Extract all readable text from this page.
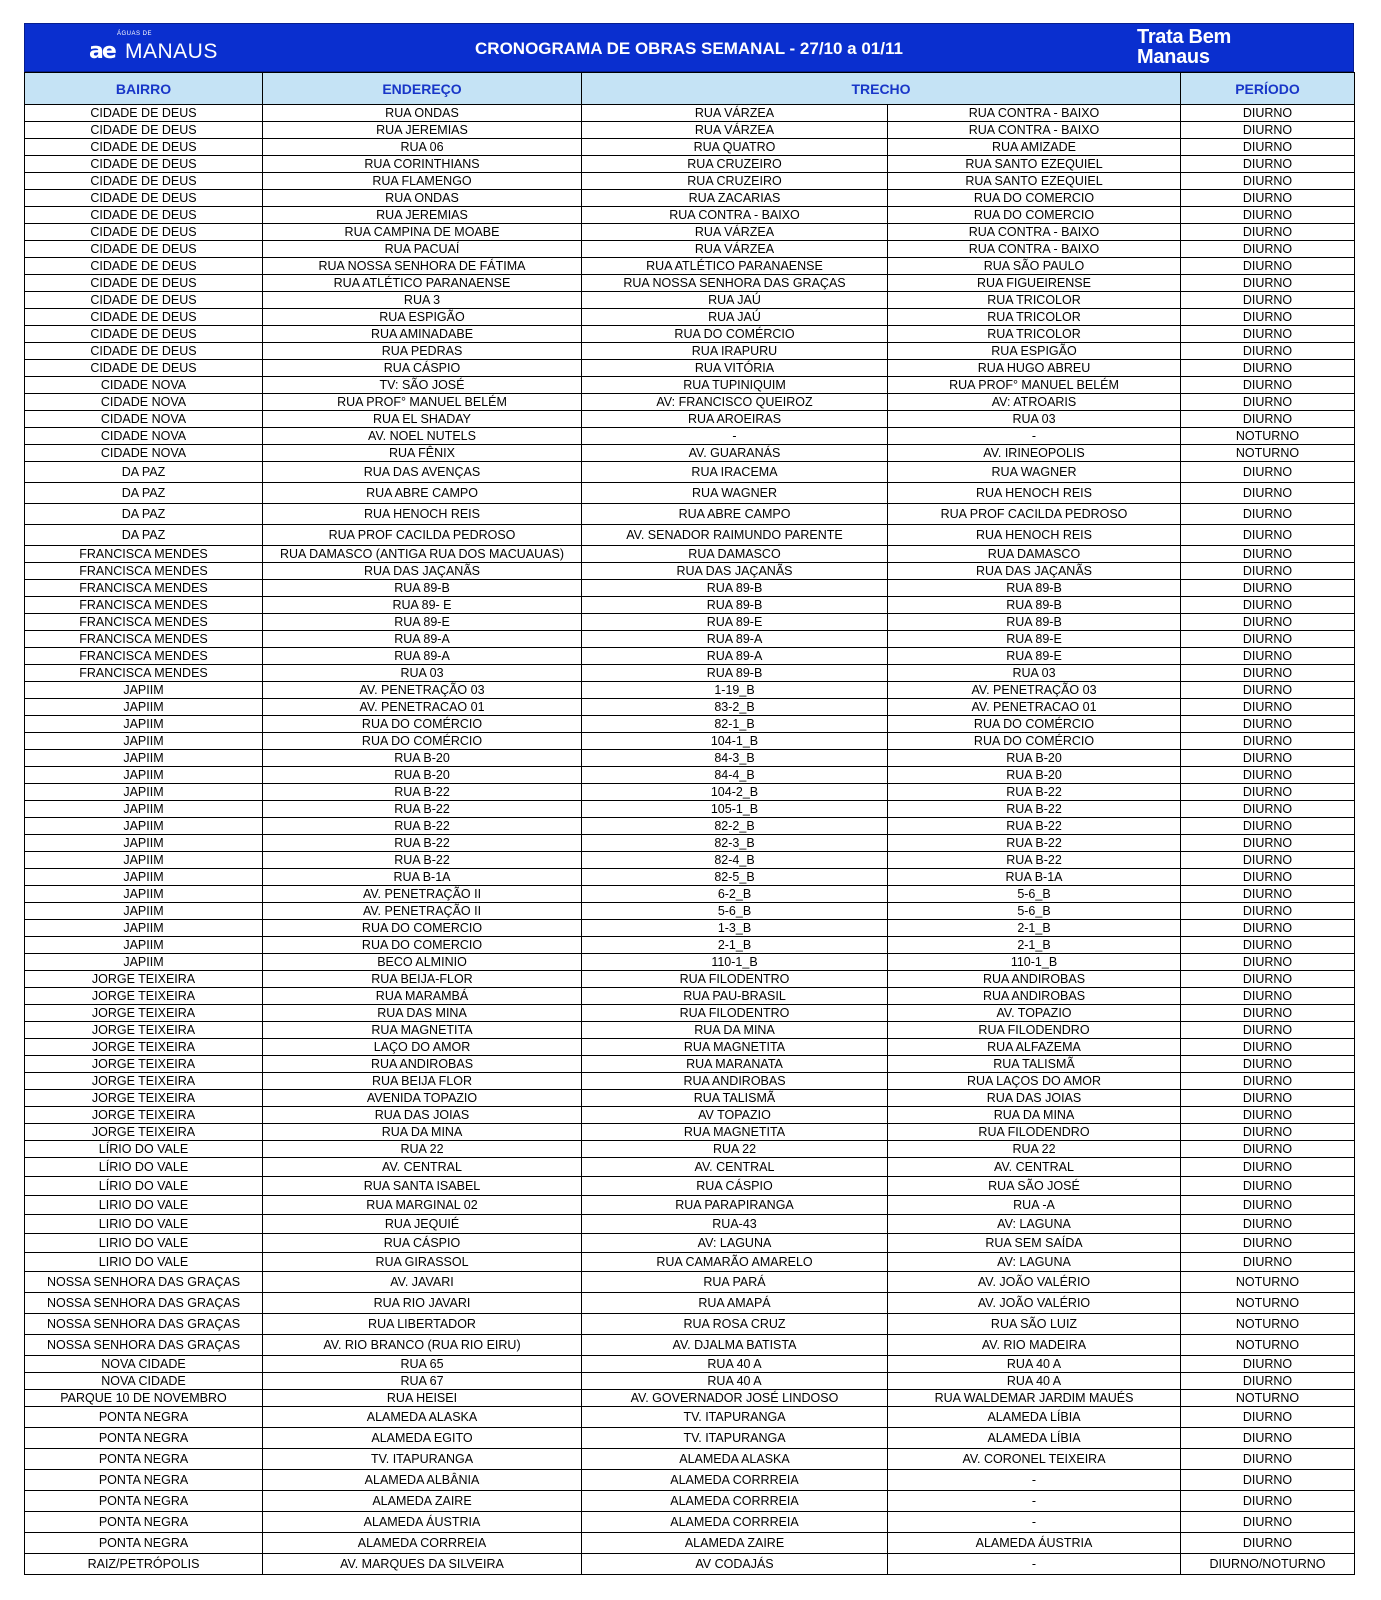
ÁGUAS DE
ae MANAUS	CRONOGRAMA DE OBRAS SEMANAL - 27/10 a 01/11
Trata Bem
Manaus
BAIRRO	ENDEREÇO	TRECHO		PERÍODO
CIDADE DE DEUS	RUA ONDAS	RUA VÁRZEA	RUA CONTRA - BAIXO	DIURNO
CIDADE DE DEUS	RUA JEREMIAS	RUA VÁRZEA	RUA CONTRA - BAIXO	DIURNO
CIDADE DE DEUS	RUA 06	RUA QUATRO	RUA AMIZADE	DIURNO
CIDADE DE DEUS	RUA CORINTHIANS	RUA CRUZEIRO	RUA SANTO EZEQUIEL	DIURNO
CIDADE DE DEUS	RUA FLAMENGO	RUA CRUZEIRO	RUA SANTO EZEQUIEL	DIURNO
CIDADE DE DEUS	RUA ONDAS	RUA ZACARIAS	RUA DO COMERCIO	DIURNO
CIDADE DE DEUS	RUA JEREMIAS	RUA CONTRA - BAIXO	RUA DO COMERCIO	DIURNO
CIDADE DE DEUS	RUA CAMPINA DE MOABE	RUA VÁRZEA	RUA CONTRA - BAIXO	DIURNO
CIDADE DE DEUS	RUA PACUAÍ	RUA VÁRZEA	RUA CONTRA - BAIXO	DIURNO
CIDADE DE DEUS	RUA NOSSA SENHORA DE FÁTIMA	RUA ATLÉTICO PARANAENSE	RUA SÃO PAULO	DIURNO
CIDADE DE DEUS	RUA ATLÉTICO PARANAENSE	RUA NOSSA SENHORA DAS GRAÇAS	RUA FIGUEIRENSE	DIURNO
CIDADE DE DEUS	RUA 3	RUA JAÚ	RUA TRICOLOR	DIURNO
CIDADE DE DEUS	RUA ESPIGÃO	RUA JAÚ	RUA TRICOLOR	DIURNO
CIDADE DE DEUS	RUA AMINADABE	RUA DO COMÉRCIO	RUA TRICOLOR	DIURNO
CIDADE DE DEUS	RUA PEDRAS	RUA IRAPURU	RUA ESPIGÃO	DIURNO
CIDADE DE DEUS	RUA CÁSPIO	RUA VITÓRIA	RUA HUGO ABREU	DIURNO
CIDADE NOVA	TV: SÃO JOSÉ	RUA TUPINIQUIM	RUA PROF° MANUEL BELÉM	DIURNO
CIDADE NOVA	RUA PROF° MANUEL BELÉM	AV: FRANCISCO QUEIROZ	AV: ATROARIS	DIURNO
CIDADE NOVA	RUA EL SHADAY	RUA AROEIRAS	RUA 03	DIURNO
CIDADE NOVA	AV. NOEL NUTELS	-	-	NOTURNO
CIDADE NOVA	RUA FÊNIX	AV. GUARANÁS	AV. IRINEOPOLIS	NOTURNO
DA PAZ	RUA DAS AVENÇAS	RUA IRACEMA	RUA WAGNER	DIURNO
DA PAZ	RUA ABRE CAMPO	RUA WAGNER	RUA HENOCH REIS	DIURNO
DA PAZ	RUA HENOCH REIS	RUA ABRE CAMPO	RUA PROF CACILDA PEDROSO	DIURNO
DA PAZ	RUA PROF CACILDA PEDROSO	AV. SENADOR RAIMUNDO PARENTE	RUA HENOCH REIS	DIURNO
FRANCISCA MENDES	RUA DAMASCO (ANTIGA RUA DOS MACUAUAS)	RUA DAMASCO	RUA DAMASCO	DIURNO
FRANCISCA MENDES	RUA DAS JAÇANÃS	RUA DAS JAÇANÃS	RUA DAS JAÇANÃS	DIURNO
FRANCISCA MENDES	RUA 89-B	RUA 89-B	RUA 89-B	DIURNO
FRANCISCA MENDES	RUA 89- E	RUA 89-B	RUA 89-B	DIURNO
FRANCISCA MENDES	RUA 89-E	RUA 89-E	RUA 89-B	DIURNO
FRANCISCA MENDES	RUA 89-A	RUA 89-A	RUA 89-E	DIURNO
FRANCISCA MENDES	RUA 89-A	RUA 89-A	RUA 89-E	DIURNO
FRANCISCA MENDES	RUA 03	RUA 89-B	RUA 03	DIURNO
JAPIIM	AV. PENETRAÇÃO 03	1-19_B	AV. PENETRAÇÃO 03	DIURNO
JAPIIM	AV. PENETRACAO 01	83-2_B	AV. PENETRACAO 01	DIURNO
JAPIIM	RUA DO COMÉRCIO	82-1_B	RUA DO COMÉRCIO	DIURNO
JAPIIM	RUA DO COMÉRCIO	104-1_B	RUA DO COMÉRCIO	DIURNO
JAPIIM	RUA B-20	84-3_B	RUA B-20	DIURNO
JAPIIM	RUA B-20	84-4_B	RUA B-20	DIURNO
JAPIIM	RUA B-22	104-2_B	RUA B-22	DIURNO
JAPIIM	RUA B-22	105-1_B	RUA B-22	DIURNO
JAPIIM	RUA B-22	82-2_B	RUA B-22	DIURNO
JAPIIM	RUA B-22	82-3_B	RUA B-22	DIURNO
JAPIIM	RUA B-22	82-4_B	RUA B-22	DIURNO
JAPIIM	RUA B-1A	82-5_B	RUA B-1A	DIURNO
JAPIIM	AV. PENETRAÇÃO II	6-2_B	5-6_B	DIURNO
JAPIIM	AV. PENETRAÇÃO II	5-6_B	5-6_B	DIURNO
JAPIIM	RUA DO COMERCIO	1-3_B	2-1_B	DIURNO
JAPIIM	RUA DO COMERCIO	2-1_B	2-1_B	DIURNO
JAPIIM	BECO ALMINIO	110-1_B	110-1_B	DIURNO
JORGE TEIXEIRA	RUA BEIJA-FLOR	RUA FILODENTRO	RUA ANDIROBAS	DIURNO
JORGE TEIXEIRA	RUA MARAMBÁ	RUA PAU-BRASIL	RUA ANDIROBAS	DIURNO
JORGE TEIXEIRA	RUA DAS MINA	RUA FILODENTRO	AV. TOPAZIO	DIURNO
JORGE TEIXEIRA	RUA MAGNETITA	RUA DA MINA	RUA FILODENDRO	DIURNO
JORGE TEIXEIRA	LAÇO DO AMOR	RUA MAGNETITA	RUA ALFAZEMA	DIURNO
JORGE TEIXEIRA	RUA ANDIROBAS	RUA MARANATA	RUA TALISMÃ	DIURNO
JORGE TEIXEIRA	RUA BEIJA FLOR	RUA ANDIROBAS	RUA LAÇOS DO AMOR	DIURNO
JORGE TEIXEIRA	AVENIDA TOPAZIO	RUA TALISMÃ	RUA DAS JOIAS	DIURNO
JORGE TEIXEIRA	RUA DAS JOIAS	AV TOPAZIO	RUA DA MINA	DIURNO
JORGE TEIXEIRA	RUA DA MINA	RUA MAGNETITA	RUA FILODENDRO	DIURNO
LÍRIO DO VALE	RUA 22	RUA 22	RUA 22	DIURNO
LÍRIO DO VALE	AV. CENTRAL	AV. CENTRAL	AV. CENTRAL	DIURNO
LÍRIO DO VALE	RUA SANTA ISABEL	RUA CÁSPIO	RUA SÃO JOSÉ	DIURNO
LIRIO DO VALE	RUA MARGINAL 02	RUA PARAPIRANGA	RUA -A	DIURNO
LIRIO DO VALE	RUA JEQUIÉ	RUA-43	AV: LAGUNA	DIURNO
LIRIO DO VALE	RUA CÁSPIO	AV: LAGUNA	RUA SEM SAÍDA	DIURNO
LIRIO DO VALE	RUA GIRASSOL	RUA CAMARÃO AMARELO	AV: LAGUNA	DIURNO
NOSSA SENHORA DAS GRAÇAS	AV. JAVARI	RUA PARÁ	AV. JOÃO VALÉRIO	NOTURNO
NOSSA SENHORA DAS GRAÇAS	RUA RIO JAVARI	RUA AMAPÁ	AV. JOÃO VALÉRIO	NOTURNO
NOSSA SENHORA DAS GRAÇAS	RUA LIBERTADOR	RUA ROSA CRUZ	RUA SÃO LUIZ	NOTURNO
NOSSA SENHORA DAS GRAÇAS	AV. RIO BRANCO (RUA RIO EIRU)	AV. DJALMA BATISTA	AV. RIO MADEIRA	NOTURNO
NOVA CIDADE	RUA 65	RUA 40 A	RUA 40 A	DIURNO
NOVA CIDADE	RUA 67	RUA 40 A	RUA 40 A	DIURNO
PARQUE 10 DE NOVEMBRO	RUA HEISEI	AV. GOVERNADOR JOSÉ LINDOSO	RUA WALDEMAR JARDIM MAUÉS	NOTURNO
PONTA NEGRA	ALAMEDA ALASKA	TV. ITAPURANGA	ALAMEDA LÍBIA	DIURNO
PONTA NEGRA	ALAMEDA EGITO	TV. ITAPURANGA	ALAMEDA LÍBIA	DIURNO
PONTA NEGRA	TV. ITAPURANGA	ALAMEDA ALASKA	AV. CORONEL TEIXEIRA	DIURNO
PONTA NEGRA	ALAMEDA ALBÂNIA	ALAMEDA CORRREIA	-	DIURNO
PONTA NEGRA	ALAMEDA ZAIRE	ALAMEDA CORRREIA	-	DIURNO
PONTA NEGRA	ALAMEDA ÁUSTRIA	ALAMEDA CORRREIA	-	DIURNO
PONTA NEGRA	ALAMEDA CORRREIA	ALAMEDA ZAIRE	ALAMEDA ÁUSTRIA	DIURNO
RAIZ/PETRÓPOLIS	AV. MARQUES DA SILVEIRA	AV CODAJÁS	-	DIURNO/NOTURNO
